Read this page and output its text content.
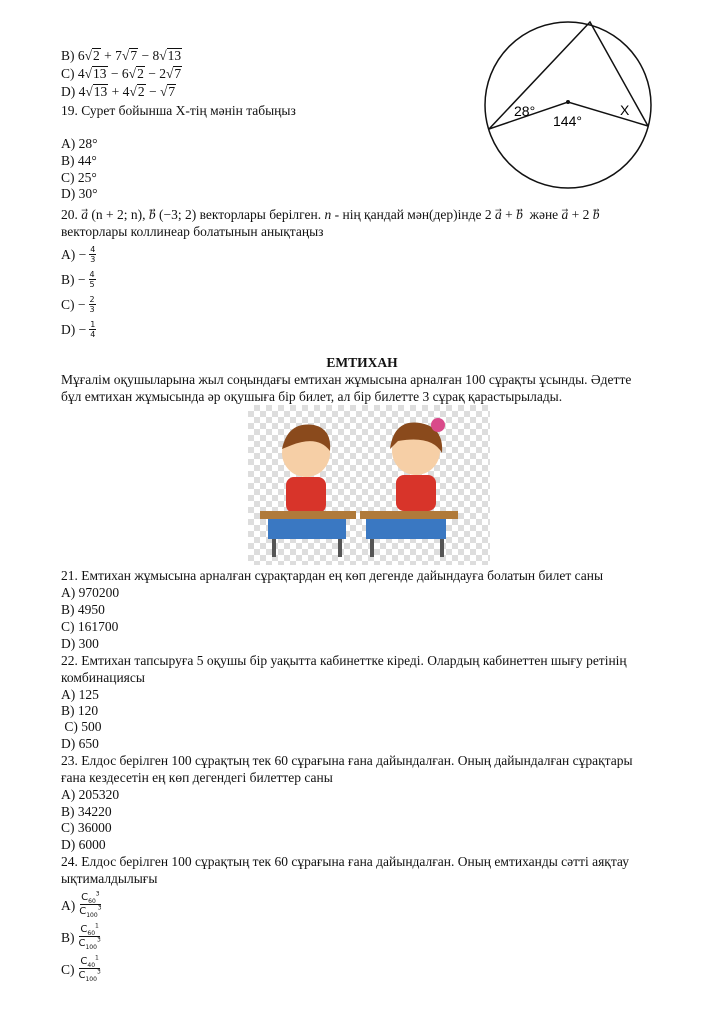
B) 6√2 + 7√7 − 8√13
C) 4√13 − 6√2 − 2√7
D) 4√13 + 4√2 − √7
19. Сурет бойынша Х-тің мәнін табыңыз
A) 28°
B) 44°
C) 25°
D) 30°
28°
144°
X
20. a⃗ (n + 2; n), b⃗ (−3; 2) векторлары берілген. n - нің қандай мән(дер)інде 2 a⃗ + b⃗  және a⃗ + 2 b
векторлары коллинеар болатынын анықтаңыз
$A) - \frac{4}{3}$
$B) - \frac{4}{5}$
$C) - \frac{2}{3}$
$D) - \frac{1}{4}$
ЕМТИХАН
Мұғалім оқушыларына жыл соңындағы емтихан жұмысына арналған 100 сұрақты ұсынды. Әдетте
бұл емтихан жұмысында әр оқушыға бір билет, ал бір билетте 3 сұрақ қарастырылады.
21. Емтихан жұмысына арналған сұрақтардан ең көп дегенде дайындауға болатын билет саны
A) 970200
B) 4950
C) 161700
D) 300
22. Емтихан тапсыруға 5 оқушы бір уақытта кабинеттке кіреді. Олардың кабинеттен шығу ретінің
комбинациясы
A) 125
B) 120
C) 500
D) 650
23. Елдос берілген 100 сұрақтың тек 60 сұрағына ғана дайындалған. Оның дайындалған сұрақтары
ғана кездесетін ең көп дегендегі билеттер саны
A) 205320
B) 34220
C) 36000
D) 6000
24. Елдос берілген 100 сұрақтың тек 60 сұрағына ғана дайындалған. Оның емтиханды сәтті аяқтау
ықтималдылығы
$A) \frac{C_{60}^3}{C_{100}^3}$
$B) \frac{C_{60}^1}{C_{100}^3}$
$C) \frac{C_{40}^1}{C_{100}^3}$
